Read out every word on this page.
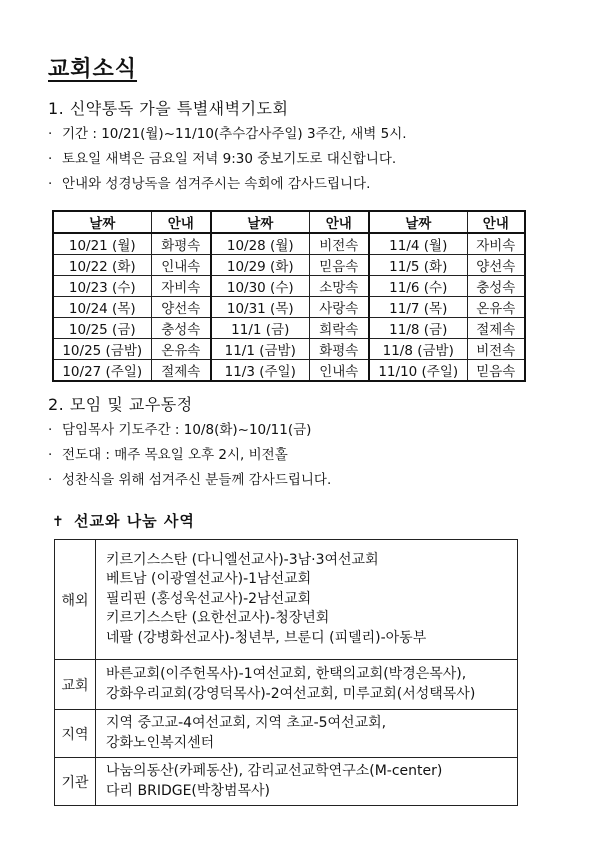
교회소식
1. 신약통독 가을 특별새벽기도회
· 기간 : 10/21(월)~11/10(추수감사주일) 3주간, 새벽 5시.
· 토요일 새벽은 금요일 저녁 9:30 중보기도로 대신합니다.
· 안내와 성경낭독을 섬겨주시는 속회에 감사드립니다.
날짜	안내	날짜	안내	날짜	안내
10/21 (월)	화평속	10/28 (월)	비전속	11/4 (월)	자비속
10/22 (화)	인내속	10/29 (화)	믿음속	11/5 (화)	양선속
10/23 (수)	자비속	10/30 (수)	소망속	11/6 (수)	충성속
10/24 (목)	양선속	10/31 (목)	사랑속	11/7 (목)	온유속
10/25 (금)	충성속	11/1 (금)	희락속	11/8 (금)	절제속
10/25 (금밤)	온유속	11/1 (금밤)	화평속	11/8 (금밤)	비전속
10/27 (주일)	절제속	11/3 (주일)	인내속	11/10 (주일)	믿음속
2. 모임 및 교우동정
· 담임목사 기도주간 : 10/8(화)~10/11(금)
· 전도대 : 매주 목요일 오후 2시, 비전홀
· 성찬식을 위해 섬겨주신 분들께 감사드립니다.
✝ 선교와 나눔 사역
해외	키르기스스탄 (다니엘선교사)-3남·3여선교회
베트남 (이광열선교사)-1남선교회
필리핀 (홍성욱선교사)-2남선교회
키르기스스탄 (요한선교사)-청장년회
네팔 (강병화선교사)-청년부, 브룬디 (피델리)-아동부

교회	바른교회(이주헌목사)-1여선교회, 한택의교회(박경은목사),
강화우리교회(강영덕목사)-2여선교회, 미루교회(서성택목사)

지역	지역 중고교-4여선교회, 지역 초교-5여선교회,
강화노인복지센터

기관	나눔의동산(카페동산), 감리교선교학연구소(M-center)
다리 BRIDGE(박창범목사)
